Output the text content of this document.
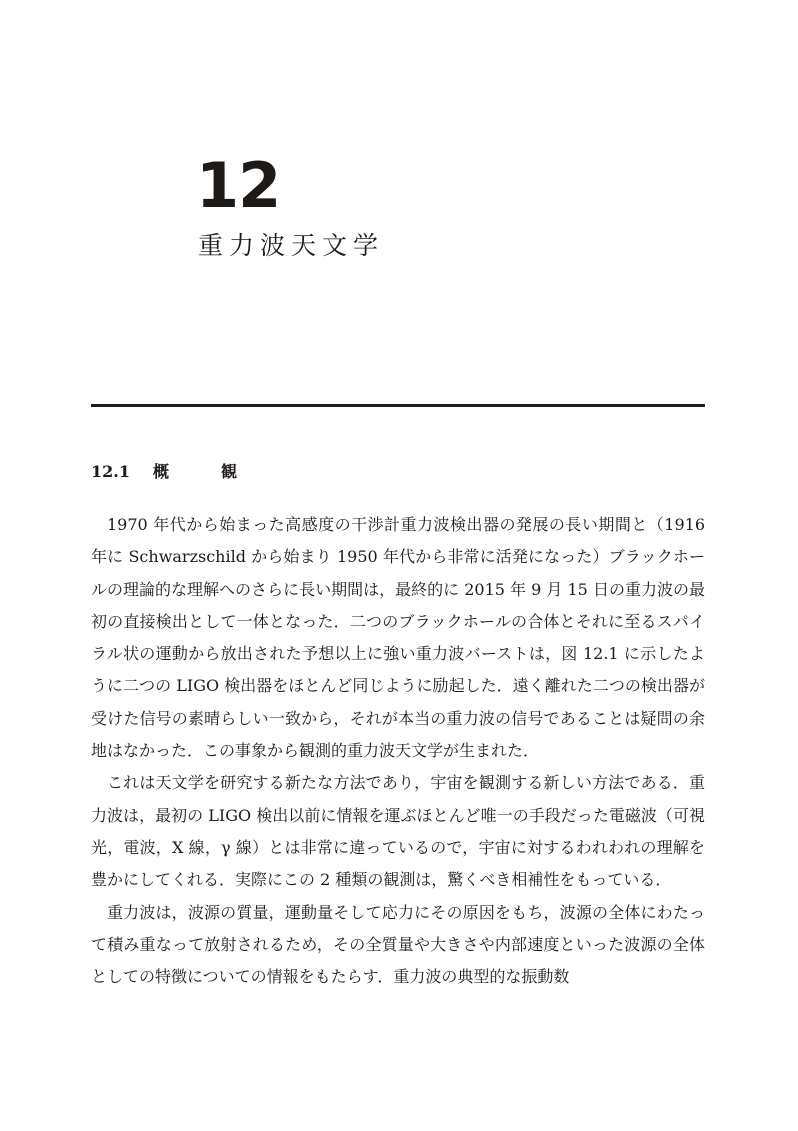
12
重力波天文学
12.1 概観

1970 年代から始まった高感度の干渉計重力波検出器の発展の長い期間と（1916 年に Schwarzschild から始まり 1950 年代から非常に活発になった）ブラックホールの理論的な理解へのさらに長い期間は，最終的に 2015 年 9 月 15 日の重力波の最初の直接検出として一体となった．二つのブラックホールの合体とそれに至るスパイラル状の運動から放出された予想以上に強い重力波バーストは，図 12.1 に示したように二つの LIGO 検出器をほとんど同じように励起した．遠く離れた二つの検出器が受けた信号の素晴らしい一致から，それが本当の重力波の信号であることは疑問の余地はなかった．この事象から観測的重力波天文学が生まれた．

これは天文学を研究する新たな方法であり，宇宙を観測する新しい方法である．重力波は，最初の LIGO 検出以前に情報を運ぶほとんど唯一の手段だった電磁波（可視光，電波，X 線，γ 線）とは非常に違っているので，宇宙に対するわれわれの理解を豊かにしてくれる．実際にこの 2 種類の観測は，驚くべき相補性をもっている．

重力波は，波源の質量，運動量そして応力にその原因をもち，波源の全体にわたって積み重なって放射されるため，その全質量や大きさや内部速度といった波源の全体としての特徴についての情報をもたらす．重力波の典型的な振動数
